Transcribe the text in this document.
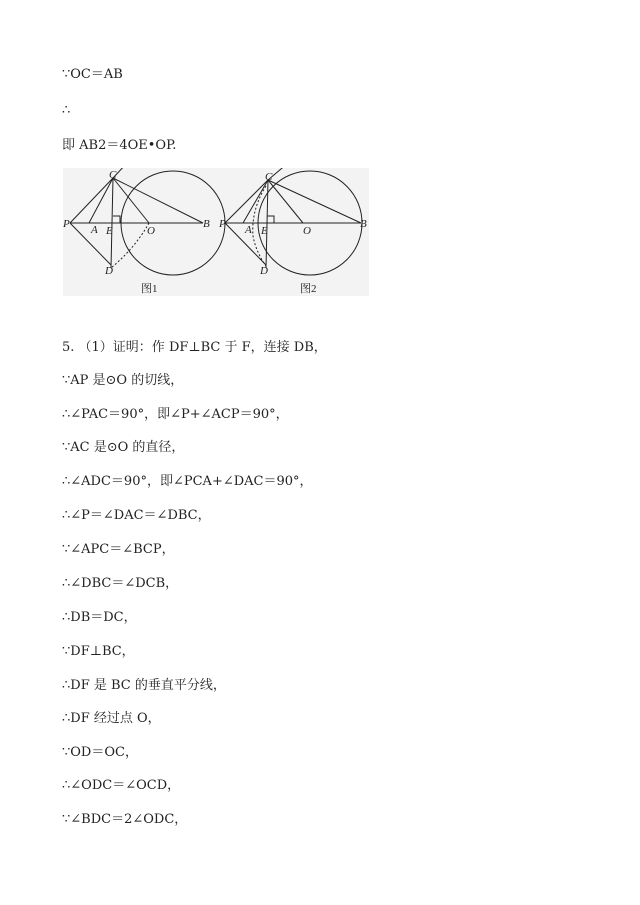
∵OC＝AB
∴
即 AB2＝4OE•OP.
P A E	O
B
C
D
图1
P A E	O
B
C
D
图2
5. （1）证明：作 DF⊥BC 于 F，连接 DB，
∵AP 是⊙O 的切线，
∴∠PAC＝90°，即∠P+∠ACP＝90°，
∵AC 是⊙O 的直径，
∴∠ADC＝90°，即∠PCA+∠DAC＝90°，
∴∠P＝∠DAC＝∠DBC，
∵∠APC＝∠BCP，
∴∠DBC＝∠DCB，
∴DB＝DC，
∵DF⊥BC，
∴DF 是 BC 的垂直平分线，
∴DF 经过点 O，
∵OD＝OC，
∴∠ODC＝∠OCD，
∵∠BDC＝2∠ODC，
